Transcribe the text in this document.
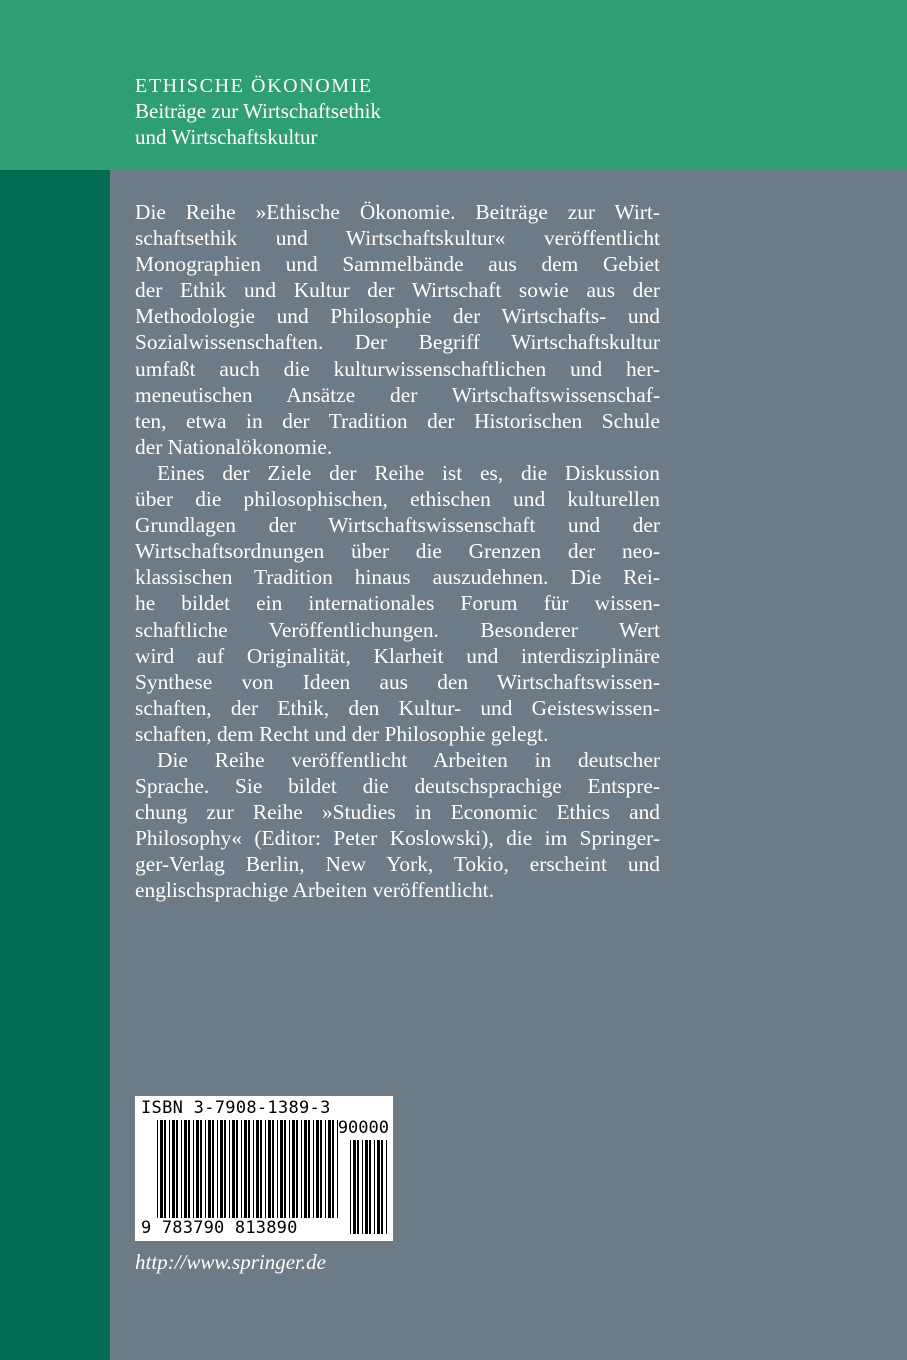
ETHISCHE ÖKONOMIE
Beiträge zur Wirtschaftsethik
und Wirtschaftskultur
Die Reihe »Ethische Ökonomie. Beiträge zur Wirt-
schaftsethik und Wirtschaftskultur« veröffentlicht
Monographien und Sammelbände aus dem Gebiet
der Ethik und Kultur der Wirtschaft sowie aus der
Methodologie und Philosophie der Wirtschafts- und
Sozialwissenschaften. Der Begriff Wirtschaftskultur
umfaßt auch die kulturwissenschaftlichen und her-
meneutischen Ansätze der Wirtschaftswissenschaf-
ten, etwa in der Tradition der Historischen Schule
der Nationalökonomie.
Eines der Ziele der Reihe ist es, die Diskussion
über die philosophischen, ethischen und kulturellen
Grundlagen der Wirtschaftswissenschaft und der
Wirtschaftsordnungen über die Grenzen der neo-
klassischen Tradition hinaus auszudehnen. Die Rei-
he bildet ein internationales Forum für wissen-
schaftliche Veröffentlichungen. Besonderer Wert
wird auf Originalität, Klarheit und interdisziplinäre
Synthese von Ideen aus den Wirtschaftswissen-
schaften, der Ethik, den Kultur- und Geisteswissen-
schaften, dem Recht und der Philosophie gelegt.
Die Reihe veröffentlicht Arbeiten in deutscher
Sprache. Sie bildet die deutschsprachige Entspre-
chung zur Reihe »Studies in Economic Ethics and
Philosophy« (Editor: Peter Koslowski), die im Springer-
ger-Verlag Berlin, New York, Tokio, erscheint und
englischsprachige Arbeiten veröffentlicht.
ISBN 3-7908-1389-3
90000
9 783790 813890
http://www.springer.de
